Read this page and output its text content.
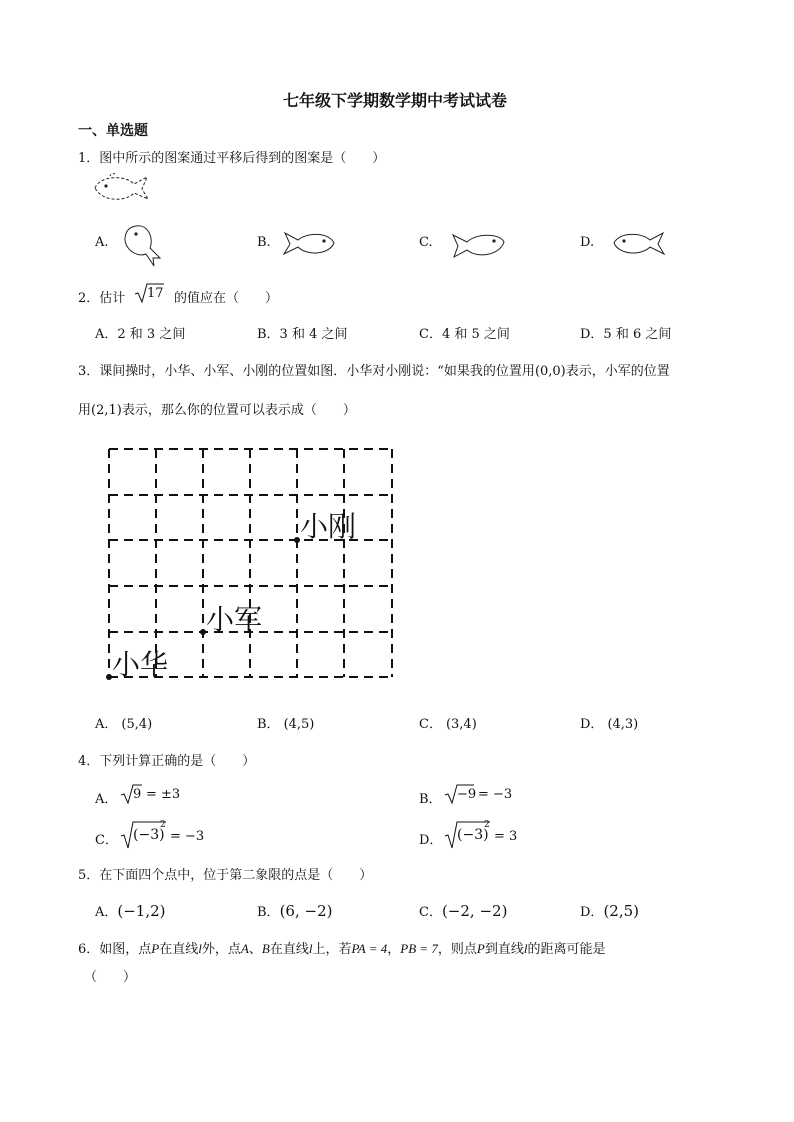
七年级下学期数学期中考试试卷
一、单选题
1．图中所示的图案通过平移后得到的图案是（　　）
A.	B.	C.	D.
2．估计 17 的值应在（　　）
A．2 和 3 之间	B．3 和 4 之间	C．4 和 5 之间	D．5 和 6 之间
3．课间操时，小华、小军、小刚的位置如图．小华对小刚说：“如果我的位置用(0,0)表示，小军的位置
用(2,1)表示，那么你的位置可以表示成（　　）
小刚
小军
小华
A． (5,4)	B． (4,5)	C． (3,4)	D． (4,3)
4．下列计算正确的是（　　）
A． 9 = ±3	B． −9 = −3
C． (−3)
2
= −3	D． (−3)
2
= 3
5．在下面四个点中，位于第二象限的点是（　　）
A．(−1,2)	B．(6, −2)	C．(−2, −2)	D．(2,5)
6．如图，点P在直线l外，点A、B在直线l上，若PA = 4，PB = 7，则点P到直线l的距离可能是
（　　）
